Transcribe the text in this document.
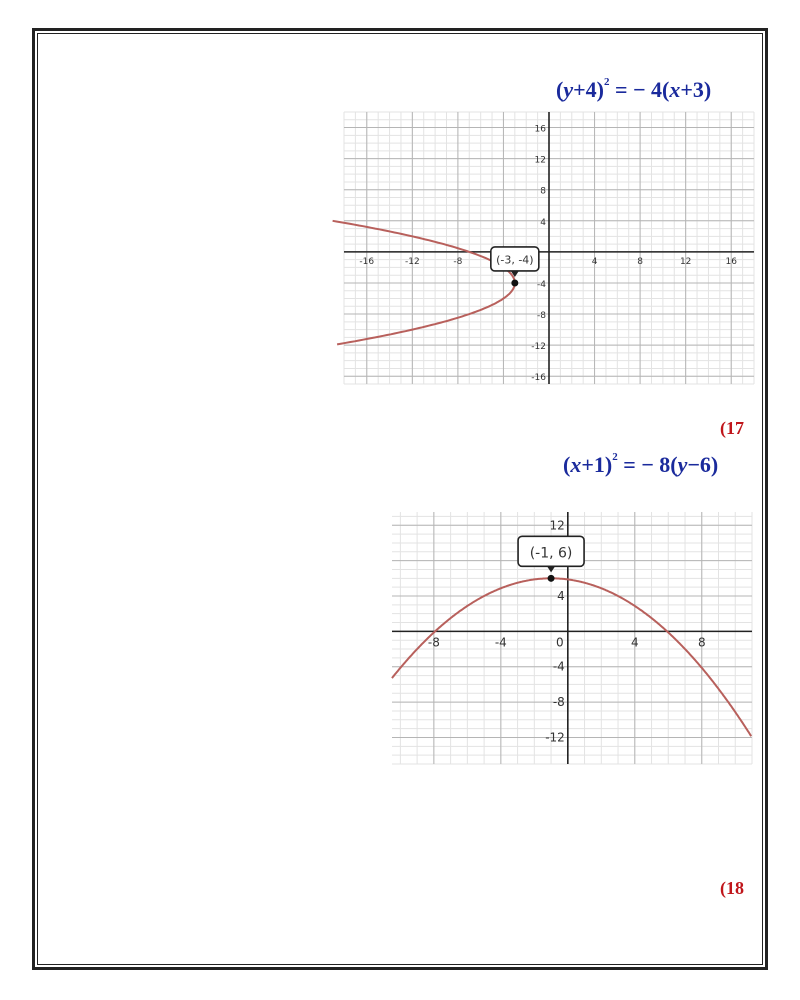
$(y+4)^2$ = − 4(x+3)
-16	-12	-8	4	8	12	16
16
12
8
4
-4
-8
-12
-16
(-3, -4)
(17
$(x+1)^2$ = − 8(y−6)
-8	-4	4	8
12
4
-4
-8
-12
0
(-1, 6)
(18
